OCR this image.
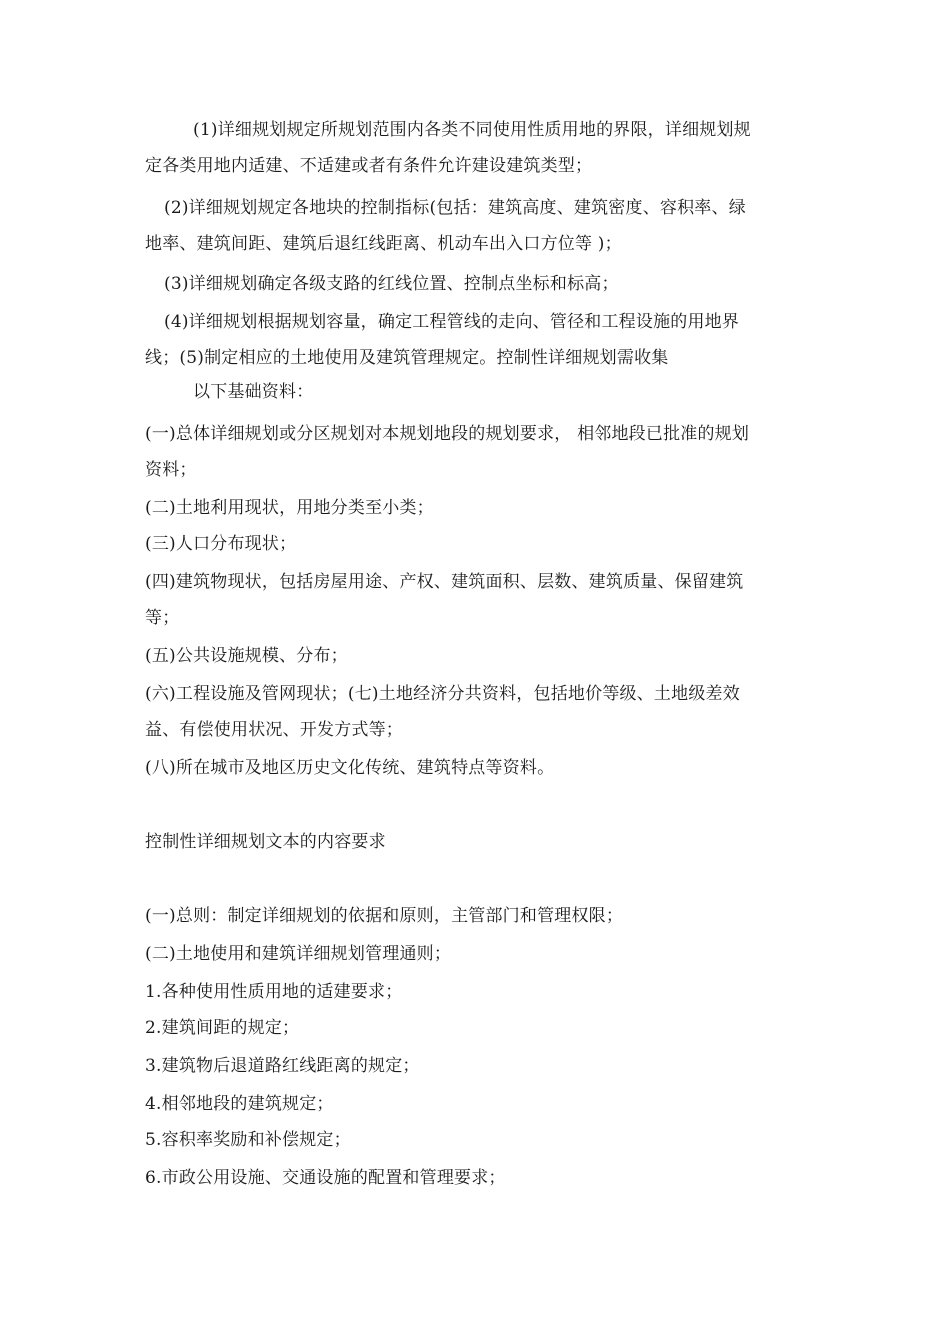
(1)详细规划规定所规划范围内各类不同使用性质用地的界限，详细规划规
定各类用地内适建、不适建或者有条件允许建设建筑类型；
(2)详细规划规定各地块的控制指标(包括：建筑高度、建筑密度、容积率、绿
地率、建筑间距、建筑后退红线距离、机动车出入口方位等 )；
(3)详细规划确定各级支路的红线位置、控制点坐标和标高；
(4)详细规划根据规划容量，确定工程管线的走向、管径和工程设施的用地界
线；(5)制定相应的土地使用及建筑管理规定。控制性详细规划需收集
以下基础资料：
(一)总体详细规划或分区规划对本规划地段的规划要求， 相邻地段已批准的规划
资料；
(二)土地利用现状，用地分类至小类；
(三)人口分布现状；
(四)建筑物现状，包括房屋用途、产权、建筑面积、层数、建筑质量、保留建筑
等；
(五)公共设施规模、分布；
(六)工程设施及管网现状；(七)土地经济分共资料，包括地价等级、土地级差效
益、有偿使用状况、开发方式等；
(八)所在城市及地区历史文化传统、建筑特点等资料。
控制性详细规划文本的内容要求
(一)总则：制定详细规划的依据和原则，主管部门和管理权限；
(二)土地使用和建筑详细规划管理通则；
1.各种使用性质用地的适建要求；
2.建筑间距的规定；
3.建筑物后退道路红线距离的规定；
4.相邻地段的建筑规定；
5.容积率奖励和补偿规定；
6.市政公用设施、交通设施的配置和管理要求；
